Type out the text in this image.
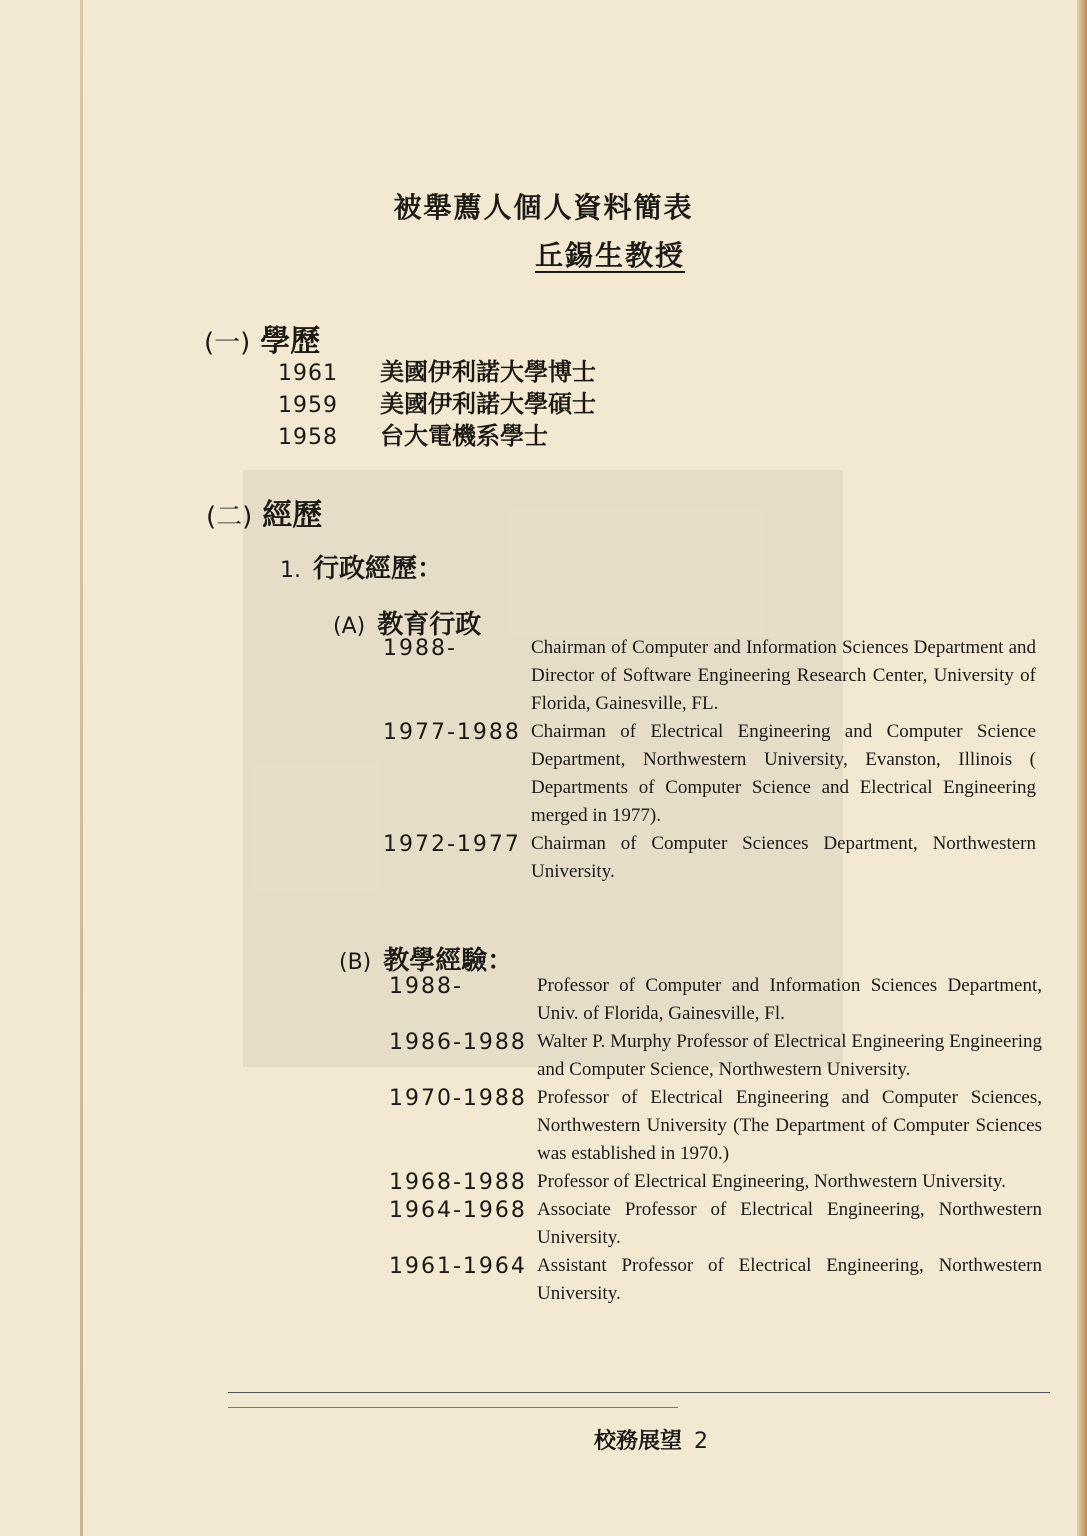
被舉薦人個人資料簡表
丘錫生教授
(一) 學歷
1961	美國伊利諾大學博士
1959	美國伊利諾大學碩士
1958	台大電機系學士
(二) 經歷
1. 行政經歷：
(A) 教育行政
1988-	Chairman of Computer and Information Sciences Department and Director of Software Engineering Research Center, University of Florida, Gainesville, FL.
1977-1988 Chairman of Electrical Engineering and Computer Science Department, Northwestern University, Evanston, Illinois ( Departments of Computer Science and Electrical Engineering merged in 1977).
1972-1977 Chairman of Computer Sciences Department, Northwestern University.
(B) 教學經驗：
1988-	Professor of Computer and Information Sciences Department, Univ. of Florida, Gainesville, Fl.
1986-1988 Walter P. Murphy Professor of Electrical Engineering Engineering and Computer Science, Northwestern University.
1970-1988 Professor of Electrical Engineering and Computer Sciences, Northwestern University (The Department of Computer Sciences was established in 1970.)
1968-1988 Professor of Electrical Engineering, Northwestern University.
1964-1968 Associate Professor of Electrical Engineering, Northwestern University.
1961-1964 Assistant Professor of Electrical Engineering, Northwestern University.
校務展望 2
